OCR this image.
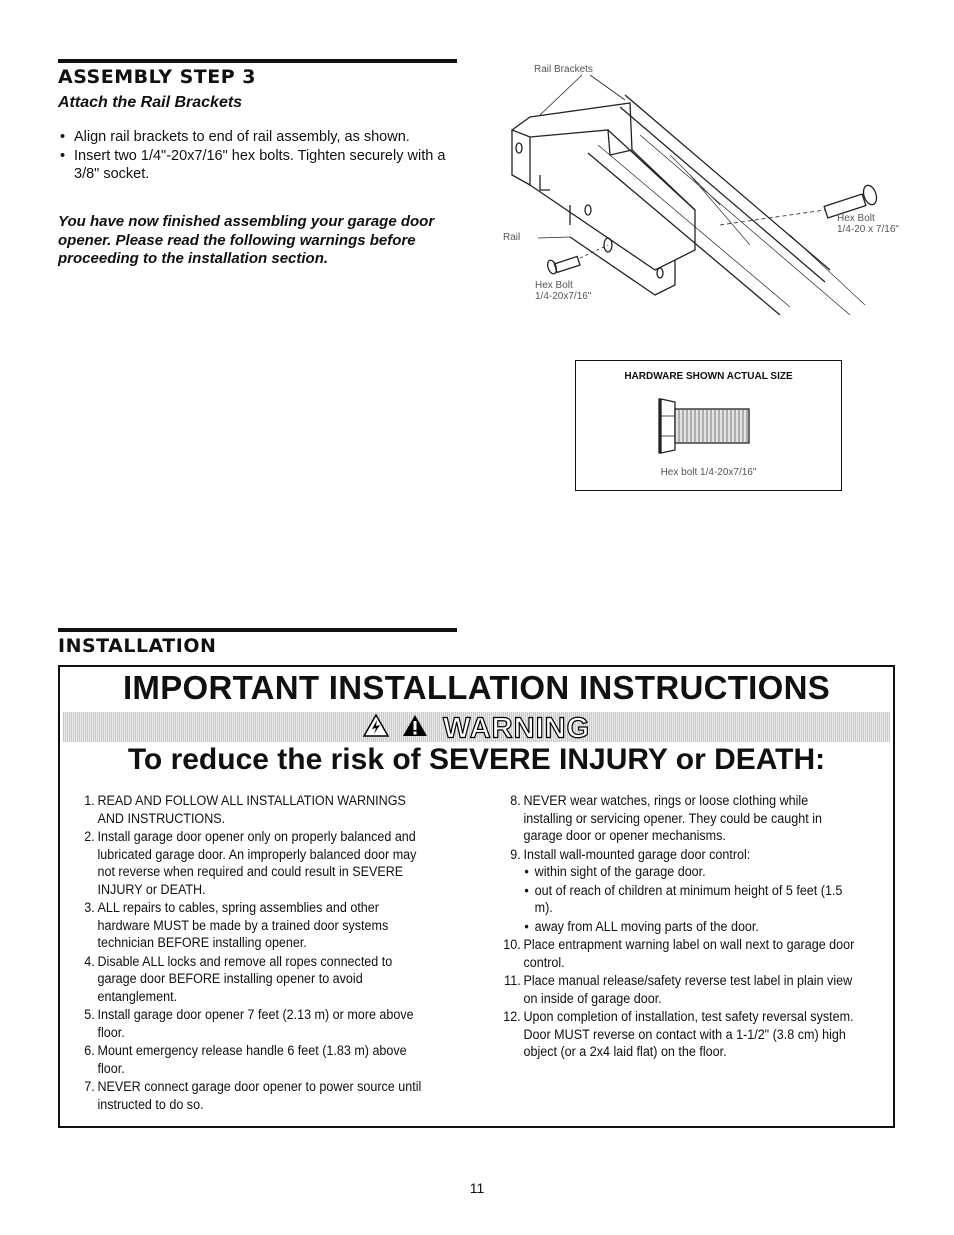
ASSEMBLY STEP 3
Attach the Rail Brackets
• Align rail brackets to end of rail assembly, as shown.
• Insert two 1/4"-20x7/16" hex bolts. Tighten securely with a 3/8" socket.
You have now finished assembling your garage door opener. Please read the following warnings before proceeding to the installation section.
Rail Brackets
Rail
Hex Bolt
1/4-20 x 7/16"
Hex Bolt
1/4-20x7/16"
HARDWARE SHOWN ACTUAL SIZE
Hex bolt 1/4-20x7/16"
INSTALLATION
IMPORTANT INSTALLATION INSTRUCTIONS
WARNING
To reduce the risk of SEVERE INJURY or DEATH:
1. READ AND FOLLOW ALL INSTALLATION WARNINGS AND INSTRUCTIONS.
2. Install garage door opener only on properly balanced and lubricated garage door. An improperly balanced door may not reverse when required and could result in SEVERE INJURY or DEATH.
3. ALL repairs to cables, spring assemblies and other hardware MUST be made by a trained door systems technician BEFORE installing opener.
4. Disable ALL locks and remove all ropes connected to garage door BEFORE installing opener to avoid entanglement.
5. Install garage door opener 7 feet (2.13 m) or more above floor.
6. Mount emergency release handle 6 feet (1.83 m) above floor.
7. NEVER connect garage door opener to power source until instructed to do so.
8. NEVER wear watches, rings or loose clothing while installing or servicing opener. They could be caught in garage door or opener mechanisms.
9. Install wall-mounted garage door control:
• within sight of the garage door.
• out of reach of children at minimum height of 5 feet (1.5 m).
• away from ALL moving parts of the door.
10. Place entrapment warning label on wall next to garage door control.
11. Place manual release/safety reverse test label in plain view on inside of garage door.
12. Upon completion of installation, test safety reversal system. Door MUST reverse on contact with a 1-1/2" (3.8 cm) high object (or a 2x4 laid flat) on the floor.
11
